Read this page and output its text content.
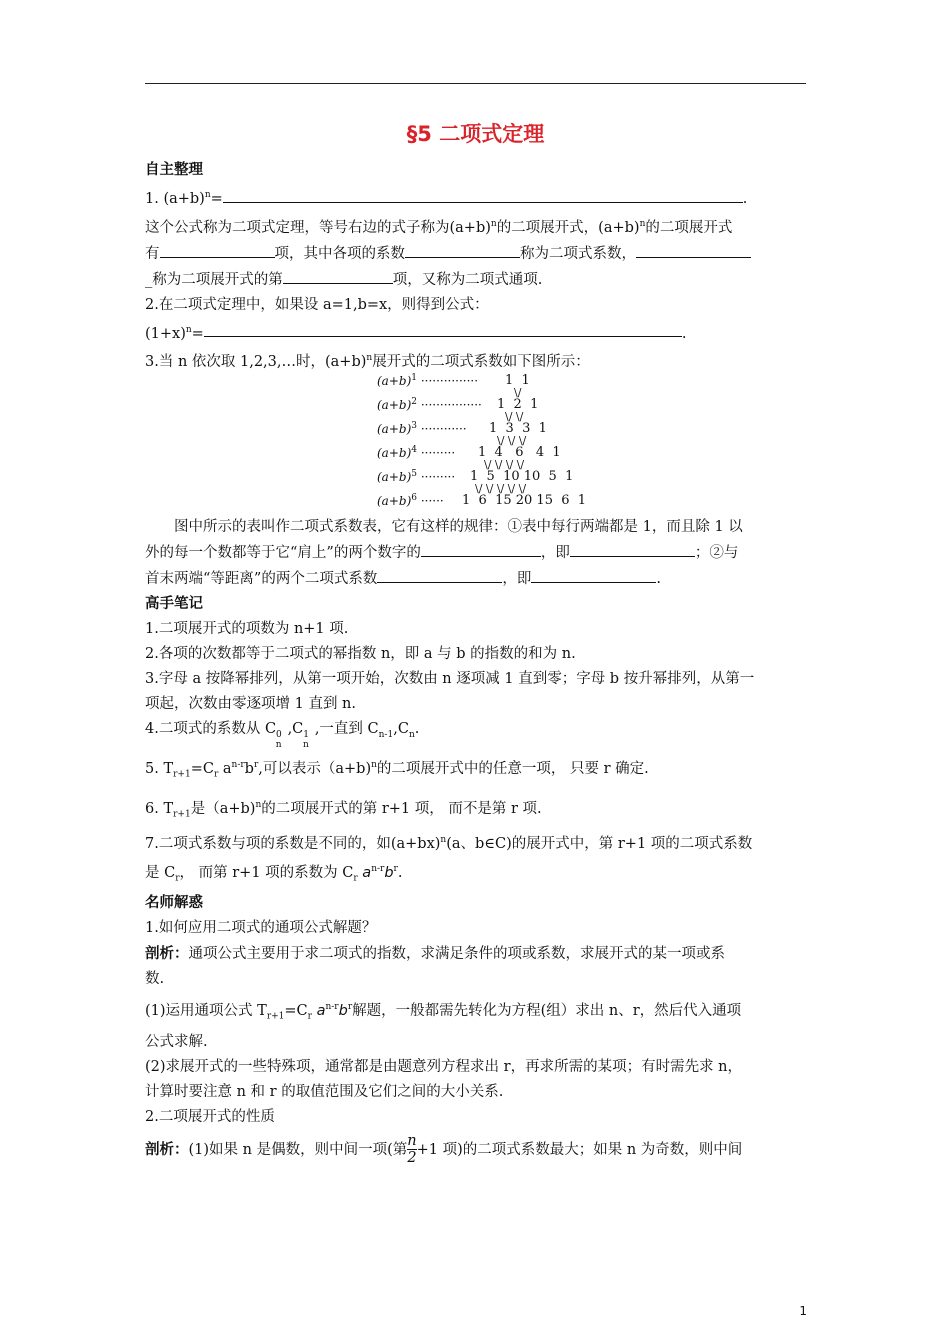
§5 二项式定理
自主整理

1. $(a+b)^n=$	.

这个公式称为二项式定理，等号右边的式子称为$(a+b)^n$的二项展开式，$(a+b)^n$的二项展开式

有	项，其中各项的系数	称为二项式系数，

_称为二项展开式的第	项，又称为二项式通项.

2.在二项式定理中，如果设 a=1,b=x，则得到公式：

$(1+x)^n=$	.

3.当 n 依次取 1,2,3,…时，$(a+b)^n$展开式的二项式系数如下图所示：

$(a+b)^1$ ··············· 1  1
\/
$(a+b)^2$ ················ 1  2  1
\/ \/
$(a+b)^3$ ············ 1  3  3  1
\/ \/ \/
$(a+b)^4$ ········· 1  4   6   4  1
\/ \/ \/ \/
$(a+b)^5$ ········· 1  5  10 10  5  1
\/ \/ \/ \/ \/
$(a+b)^6$ ······ 1  6  15 20 15  6  1

图中所示的表叫作二项式系数表，它有这样的规律：①表中每行两端都是 1，而且除 1 以

外的每一个数都等于它“肩上”的两个数字的	，即	；②与

首末两端“等距离”的两个二项式系数	，即	.

高手笔记

1.二项展开式的项数为 n+1 项.

2.各项的次数都等于二项式的幂指数 n，即 a 与 b 的指数的和为 n.

3.字母 a 按降幂排列，从第一项开始，次数由 n 逐项减 1 直到零；字母 b 按升幂排列，从第一

项起，次数由零逐项增 1 直到 n.

4.二项式的系数从 $C_{0n},C_{1n}$,一直到 $C_{n-1},C_n$.

5. $T_{r+1}=C_r$ $a^{n-r}b^r$,可以表示（a+b)$^n$的二项展开式中的任意一项， 只要 r 确定.

6. $T_{r+1}$是（a+b)$^n$的二项展开式的第 r+1 项， 而不是第 r 项.

7.二项式系数与项的系数是不同的，如$(a+bx)^n(a$、b∈C)的展开式中，第 r+1 项的二项式系数

是 $C_r$， 而第 r+1 项的系数为 $C_r$ $a^{n-r}b^r$.

名师解惑

1.如何应用二项式的通项公式解题？

剖析：通项公式主要用于求二项式的指数，求满足条件的项或系数，求展开式的某一项或系

数.

(1)运用通项公式 $T_{r+1}=C_r$ $a^{n-r}b^r$解题，一般都需先转化为方程(组）求出 n、r，然后代入通项

公式求解.

(2)求展开式的一些特殊项，通常都是由题意列方程求出 r，再求所需的某项；有时需先求 n，

计算时要注意 n 和 r 的取值范围及它们之间的大小关系.

2.二项展开式的性质

剖析：(1)如果 n 是偶数，则中间一项(第 $\frac{n}{2} +1$ 项)的二项式系数最大；如果 n 为奇数，则中间

1
